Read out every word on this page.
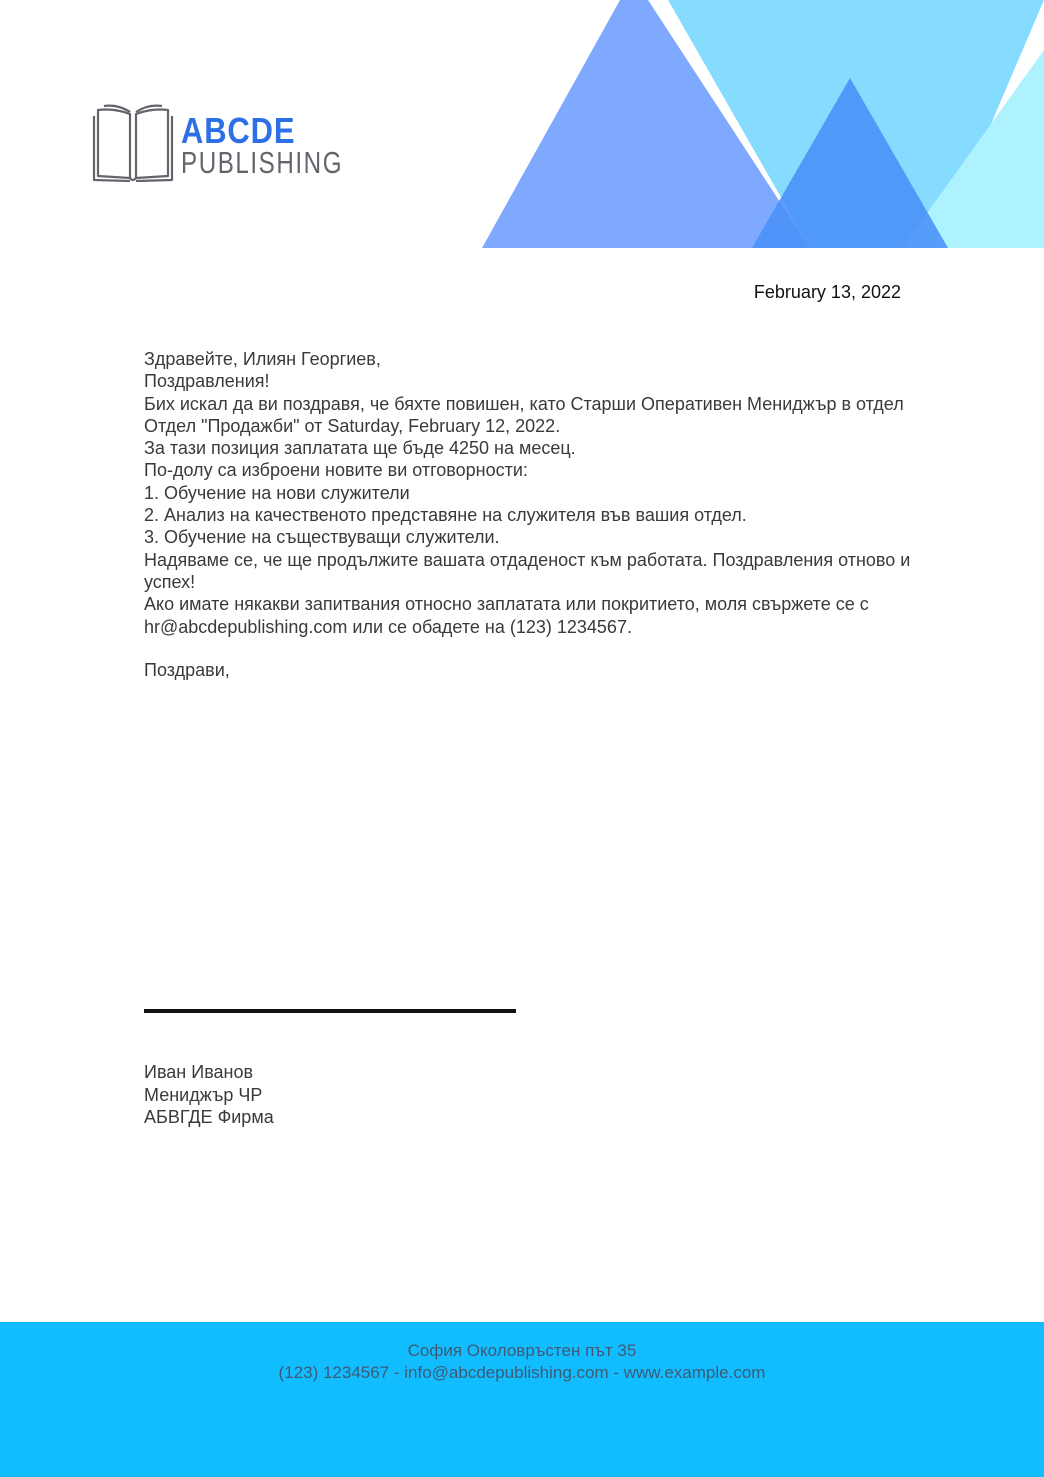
ABCDE
PUBLISHING
February 13, 2022
Здравейте, Илиян Георгиев,
Поздравления!
Бих искал да ви поздравя, че бяхте повишен, като Старши Оперативен Мениджър в отдел Отдел "Продажби" от Saturday, February 12, 2022.
За тази позиция заплатата ще бъде 4250 на месец.
По-долу са изброени новите ви отговорности:
1. Обучение на нови служители
2. Анализ на качественото представяне на служителя във вашия отдел.
3. Обучение на съществуващи служители.
Надяваме се, че ще продължите вашата отдаденост към работата. Поздравления отново и успех!
Ако имате някакви запитвания относно заплатата или покритието, моля свържете се с hr@abcdepublishing.com или се обадете на (123) 1234567.
Поздрави,
Иван Иванов
Мениджър ЧР
АБВГДЕ Фирма
София Околовръстен път 35
(123) 1234567 - info@abcdepublishing.com - www.example.com
